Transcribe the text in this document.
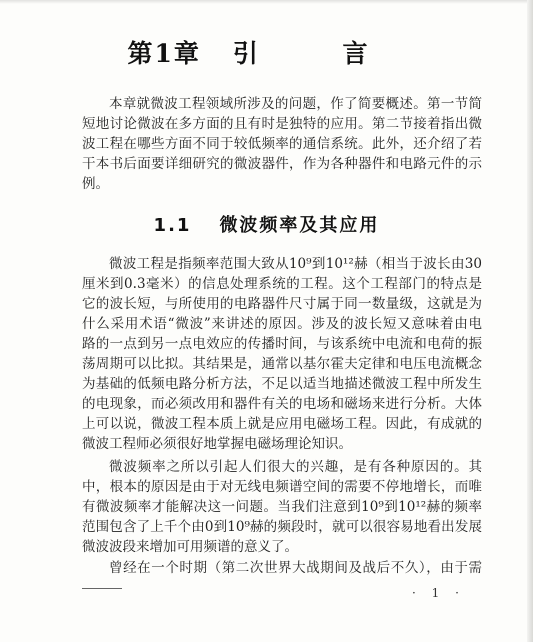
第1章 引 言
本章就微波工程领域所涉及的问题，作了简要概述。第一节简
短地讨论微波在多方面的且有时是独特的应用。第二节接着指出微
波工程在哪些方面不同于较低频率的通信系统。此外，还介绍了若
干本书后面要详细研究的微波器件，作为各种器件和电路元件的示
例。
1.1 微波频率及其应用
微波工程是指频率范围大致从10⁹到10¹²赫（相当于波长由30
厘米到0.3毫米）的信息处理系统的工程。这个工程部门的特点是
它的波长短，与所使用的电路器件尺寸属于同一数量级，这就是为
什么采用术语“微波”来讲述的原因。涉及的波长短又意味着由电
路的一点到另一点电效应的传播时间，与该系统中电流和电荷的振
荡周期可以比拟。其结果是，通常以基尔霍夫定律和电压电流概念
为基础的低频电路分析方法，不足以适当地描述微波工程中所发生
的电现象，而必须改用和器件有关的电场和磁场来进行分析。大体
上可以说，微波工程本质上就是应用电磁场工程。因此，有成就的
微波工程师必须很好地掌握电磁场理论知识。
微波频率之所以引起人们很大的兴趣，是有各种原因的。其
中，根本的原因是由于对无线电频谱空间的需要不停地增长，而唯
有微波频率才能解决这一问题。当我们注意到10⁹到10¹²赫的频率
范围包含了上千个由0到10⁹赫的频段时，就可以很容易地看出发展
微波波段来增加可用频谱的意义了。
曾经在一个时期（第二次世界大战期间及战后不久），由于需
· 1 ·
